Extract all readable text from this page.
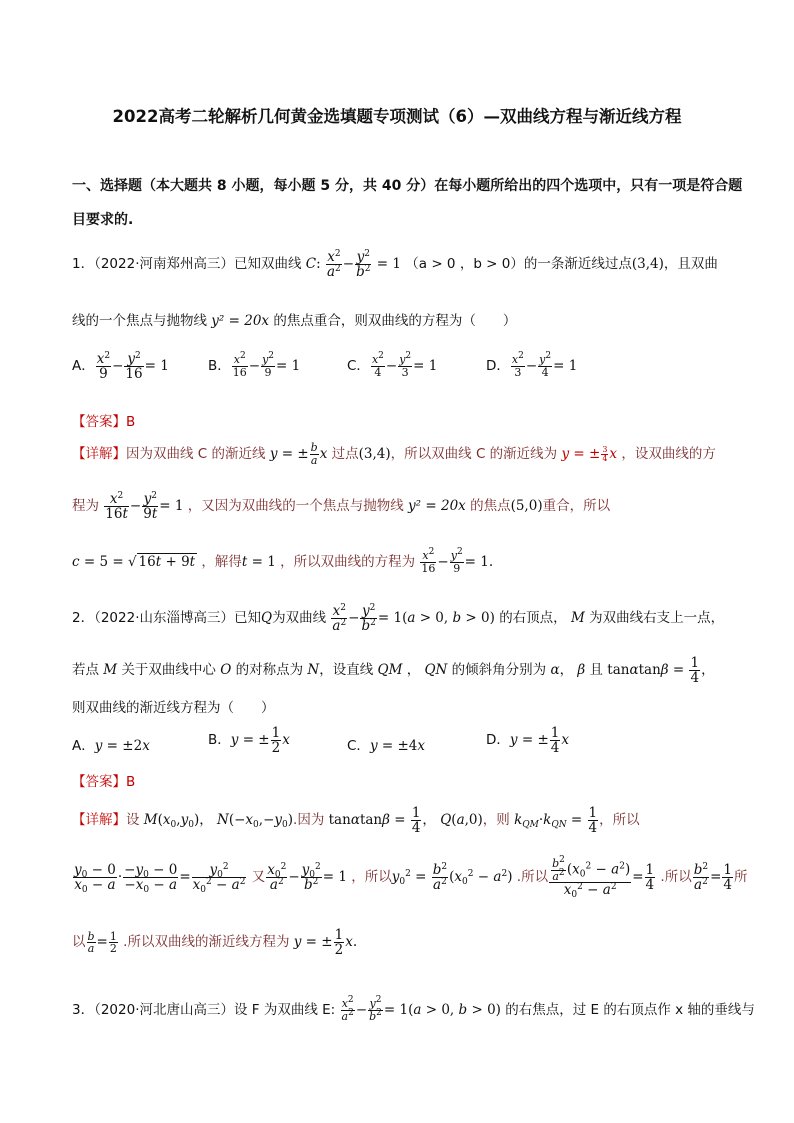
2022高考二轮解析几何黄金选填题专项测试（6）—双曲线方程与渐近线方程
一、选择题（本大题共 8 小题，每小题 5 分，共 40 分）在每小题所给出的四个选项中，只有一项是符合题
目要求的.
1．（2022·河南郑州高三）已知双曲线 C: $\frac{x^2}{a^2} - \frac{y^2}{b^2} = 1$ （a > 0 ，b > 0）的一条渐近线过点(3,4)，且双曲
线的一个焦点与抛物线 y² = 20x 的焦点重合，则双曲线的方程为（　　）
A． $\frac{x^2}{9} - \frac{y^2}{16} = 1$	B． $\frac{x^2}{16} - \frac{y^2}{9} = 1$	C． $\frac{x^2}{4} - \frac{y^2}{3} = 1$	D． $\frac{x^2}{3} - \frac{y^2}{4} = 1$
【答案】B
【详解】因为双曲线 C 的渐近线 y = ± $\frac{b}{a}$ x 过点(3,4)，所以双曲线 C 的渐近线为 y = ± $\frac{3}{4}$ x ，设双曲线的方
程为 $\frac{x^2}{16t} - \frac{y^2}{9t} = 1$ ，又因为双曲线的一个焦点与抛物线 y² = 20x 的焦点(5,0)重合，所以
c = 5 = √ 16t + 9t ，解得t = 1 ，所以双曲线的方程为 $\frac{x^2}{16} - \frac{y^2}{9} = 1$.
2．（2022·山东淄博高三）已知Q为双曲线 $\frac{x^2}{a^2} - \frac{y^2}{b^2} = 1(a > 0$, b > 0) 的右顶点， M 为双曲线右支上一点，
若点 M 关于双曲线中心 O 的对称点为 N，设直线 QM ， QN 的倾斜角分别为 α， β 且 $\tan\alpha\tan\beta = \frac{1}{4}$ ，
则双曲线的渐近线方程为（　　）
A．y = ±2x	B．y = ± $\frac{1}{2}$ x	C．y = ±4x	D．y = ± $\frac{1}{4}$ x
【答案】B
【详解】设 $M(x_0,y_0)$， $N(-x_0,-y_0)$.因为 $\tan\alpha\tan\beta = \frac{1}{4}$ ， Q(a,0)，则 $k_{QM}\cdot k_{QN} = \frac{1}{4}$ ，所以
$\frac{y_0 - 0}{x_0 - a} \cdot \frac{-y_0 - 0}{-x_0 - a} = \frac{y_0^2}{x_0^2 - a^2}$ 又 $\frac{x_0^2}{a^2} - \frac{y_0^2}{b^2} = 1$ ，所以$y_0^2 = \frac{b^2}{a^2} (x_0^2 - a^2)$ .所以 $\frac{\frac{b^2}{a^2} (x_0^2 - a^2)}{x_0^2 - a^2} = \frac{1}{4}$ .所以 $\frac{b^2}{a^2} = \frac{1}{4}$ 所
以 $\frac{b}{a} = \frac{1}{2}$ .所以双曲线的渐近线方程为 y = ± $\frac{1}{2} x$.
3．（2020·河北唐山高三）设 F 为双曲线 E: $\frac{x^2}{a^2} - \frac{y^2}{b^2} = 1(a > 0$, b > 0) 的右焦点，过 E 的右顶点作 x 轴的垂线与
